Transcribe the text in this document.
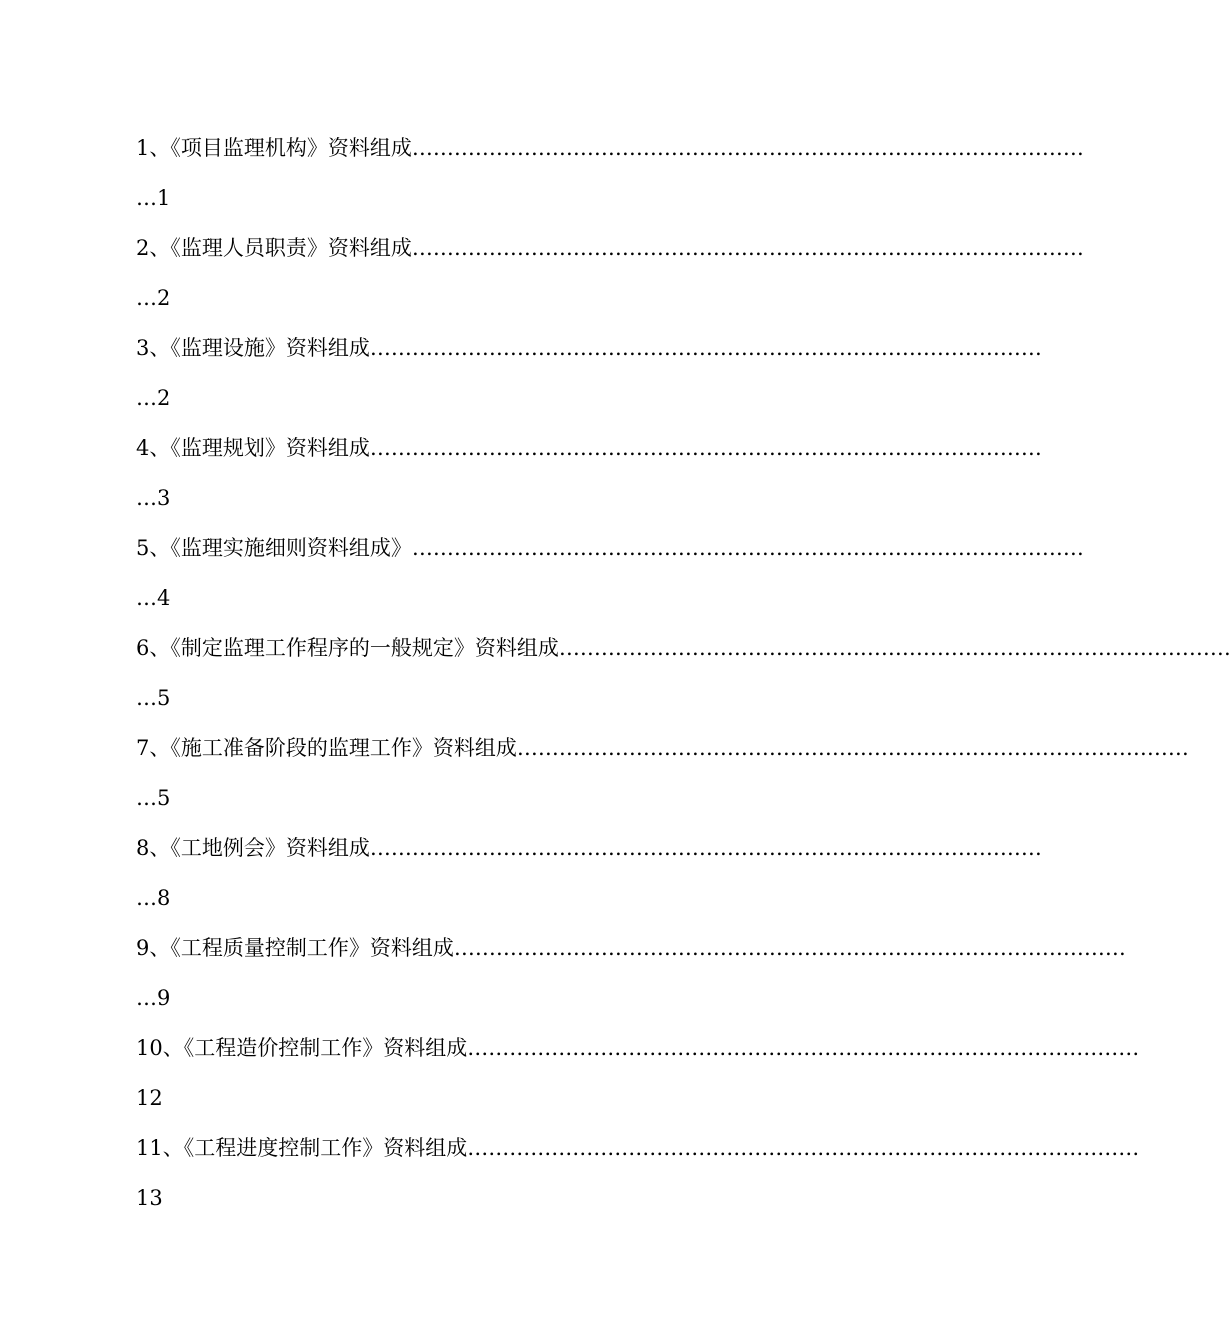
1、《项目监理机构》资料组成 ……………………………………………………………………………………
…1
2、《监理人员职责》资料组成 ……………………………………………………………………………………
…2
3、《监理设施》资料组成 ……………………………………………………………………………………
…2
4、《监理规划》资料组成 ……………………………………………………………………………………
…3
5、《监理实施细则资料组成》 ……………………………………………………………………………………
…4
6、《制定监理工作程序的一般规定》资料组成 ……………………………………………………………………………………
…5
7、《施工准备阶段的监理工作》资料组成 ……………………………………………………………………………………
…5
8、《工地例会》资料组成 ……………………………………………………………………………………
…8
9、《工程质量控制工作》资料组成 ……………………………………………………………………………………
…9
10、《工程造价控制工作》资料组成 ……………………………………………………………………………………
12
11、《工程进度控制工作》资料组成 ……………………………………………………………………………………
13
